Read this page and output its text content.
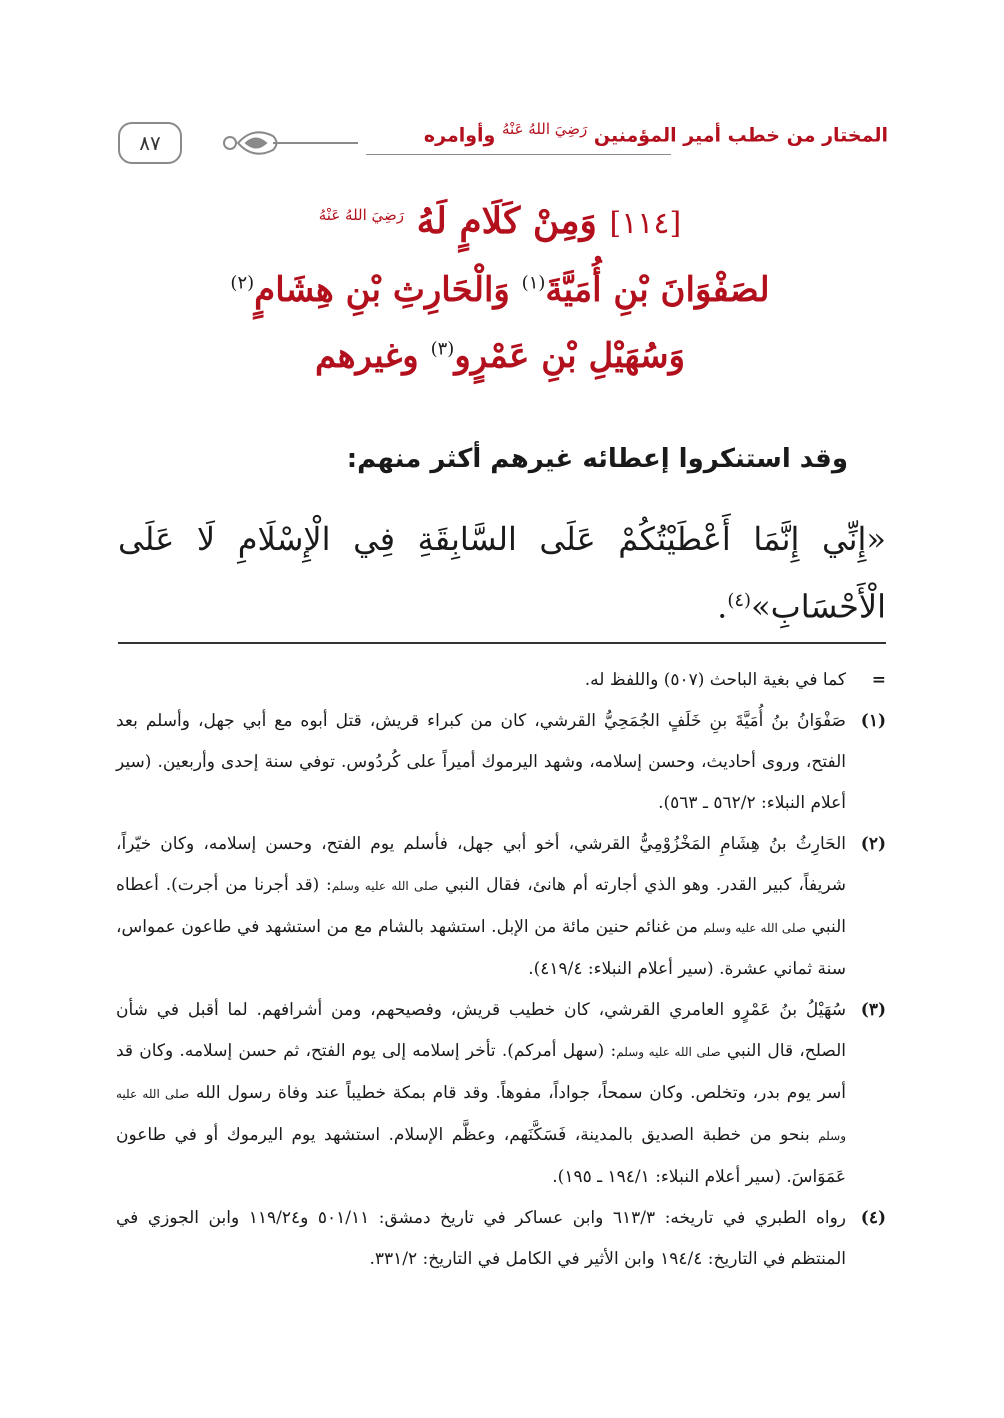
٨٧	المختار من خطب أمير المؤمنين $^{رَضِيَ اللهُ عَنْهُ}$ وأوامره
[١١٤] وَمِنْ كَلَامٍ لَهُ $^{رَضِيَ اللهُ عَنْهُ}$
لصَفْوَانَ بْنِ أُمَيَّةَ$^{(١)}$ وَالْحَارِثِ بْنِ هِشَامٍ$^{(٢)}$
وَسُهَيْلِ بْنِ عَمْرٍو$^{(٣)}$ وغيرهم
وقد استنكروا إعطائه غيرهم أكثر منهم:
«إِنِّي إِنَّمَا أَعْطَيْتُكُمْ عَلَى السَّابِقَةِ فِي الْإِسْلَامِ لَا عَلَى الْأَحْسَابِ»$^{(٤)}$.
=
كما في بغية الباحث (٥٠٧) واللفظ له.
(١)
صَفْوَانُ بنُ أُمَيَّةَ بنِ خَلَفٍ الجُمَحِيُّ القرشي، كان من كبراء قريش، قتل أبوه مع أبي جهل، وأسلم بعد الفتح، وروى أحاديث، وحسن إسلامه، وشهد اليرموك أميراً على كُردُوس. توفي سنة إحدى وأربعين. (سير أعلام النبلاء: ٥٦٢/٢ ـ ٥٦٣).
(٢)
الحَارِثُ بنُ هِشَامِ المَخْزُوْمِيُّ القرشي، أخو أبي جهل، فأسلم يوم الفتح، وحسن إسلامه، وكان خيّراً، شريفاً، كبير القدر. وهو الذي أجارته أم هانئ، فقال النبي صلى الله عليه وسلم: (قد أجرنا من أجرت). أعطاه النبي صلى الله عليه وسلم من غنائم حنين مائة من الإبل. استشهد بالشام مع من استشهد في طاعون عمواس، سنة ثماني عشرة. (سير أعلام النبلاء: ٤١٩/٤).
(٣)
سُهَيْلُ بنُ عَمْرٍو العامري القرشي، كان خطيب قريش، وفصيحهم، ومن أشرافهم. لما أقبل في شأن الصلح، قال النبي صلى الله عليه وسلم: (سهل أمركم). تأخر إسلامه إلى يوم الفتح، ثم حسن إسلامه. وكان قد أسر يوم بدر، وتخلص. وكان سمحاً، جواداً، مفوهاً. وقد قام بمكة خطيباً عند وفاة رسول الله صلى الله عليه وسلم بنحو من خطبة الصديق بالمدينة، فَسَكَّنَهم، وعظَّم الإسلام. استشهد يوم اليرموك أو في طاعون عَمَوَاسَ. (سير أعلام النبلاء: ١٩٤/١ ـ ١٩٥).
(٤)
رواه الطبري في تاريخه: ٦١٣/٣ وابن عساكر في تاريخ دمشق: ٥٠١/١١ و١١٩/٢٤ وابن الجوزي في المنتظم في التاريخ: ١٩٤/٤ وابن الأثير في الكامل في التاريخ: ٣٣١/٢.
